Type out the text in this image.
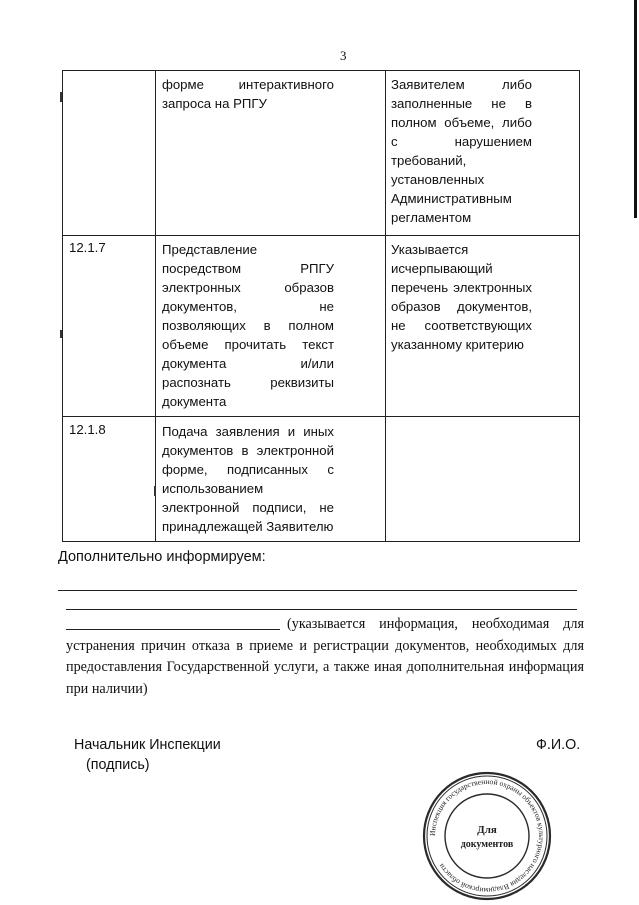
3
форме интерактивного запроса на РПГУ
Заявителем либо заполненные не в полном объеме, либо с нарушением требований, установленных Административным регламентом
12.1.7	Представление посредством РПГУ электронных образов документов, не позволяющих в полном объеме прочитать текст документа и/или распознать реквизиты документа
Указывается исчерпывающий перечень электронных образов документов, не соответствующих указанному критерию
12.1.8	Подача заявления и иных документов в электронной форме, подписанных с использованием электронной подписи, не принадлежащей Заявителю
Дополнительно информируем:
(указывается информация, необходимая для устранения причин отказа в приеме и регистрации документов, необходимых для предоставления Государственной услуги, а также иная дополнительная информация при наличии)
Начальник Инспекции
(подпись)
Ф.И.О.
Инспекция государственной охраны объектов культурного наследия Владимирской области
Для
документов
